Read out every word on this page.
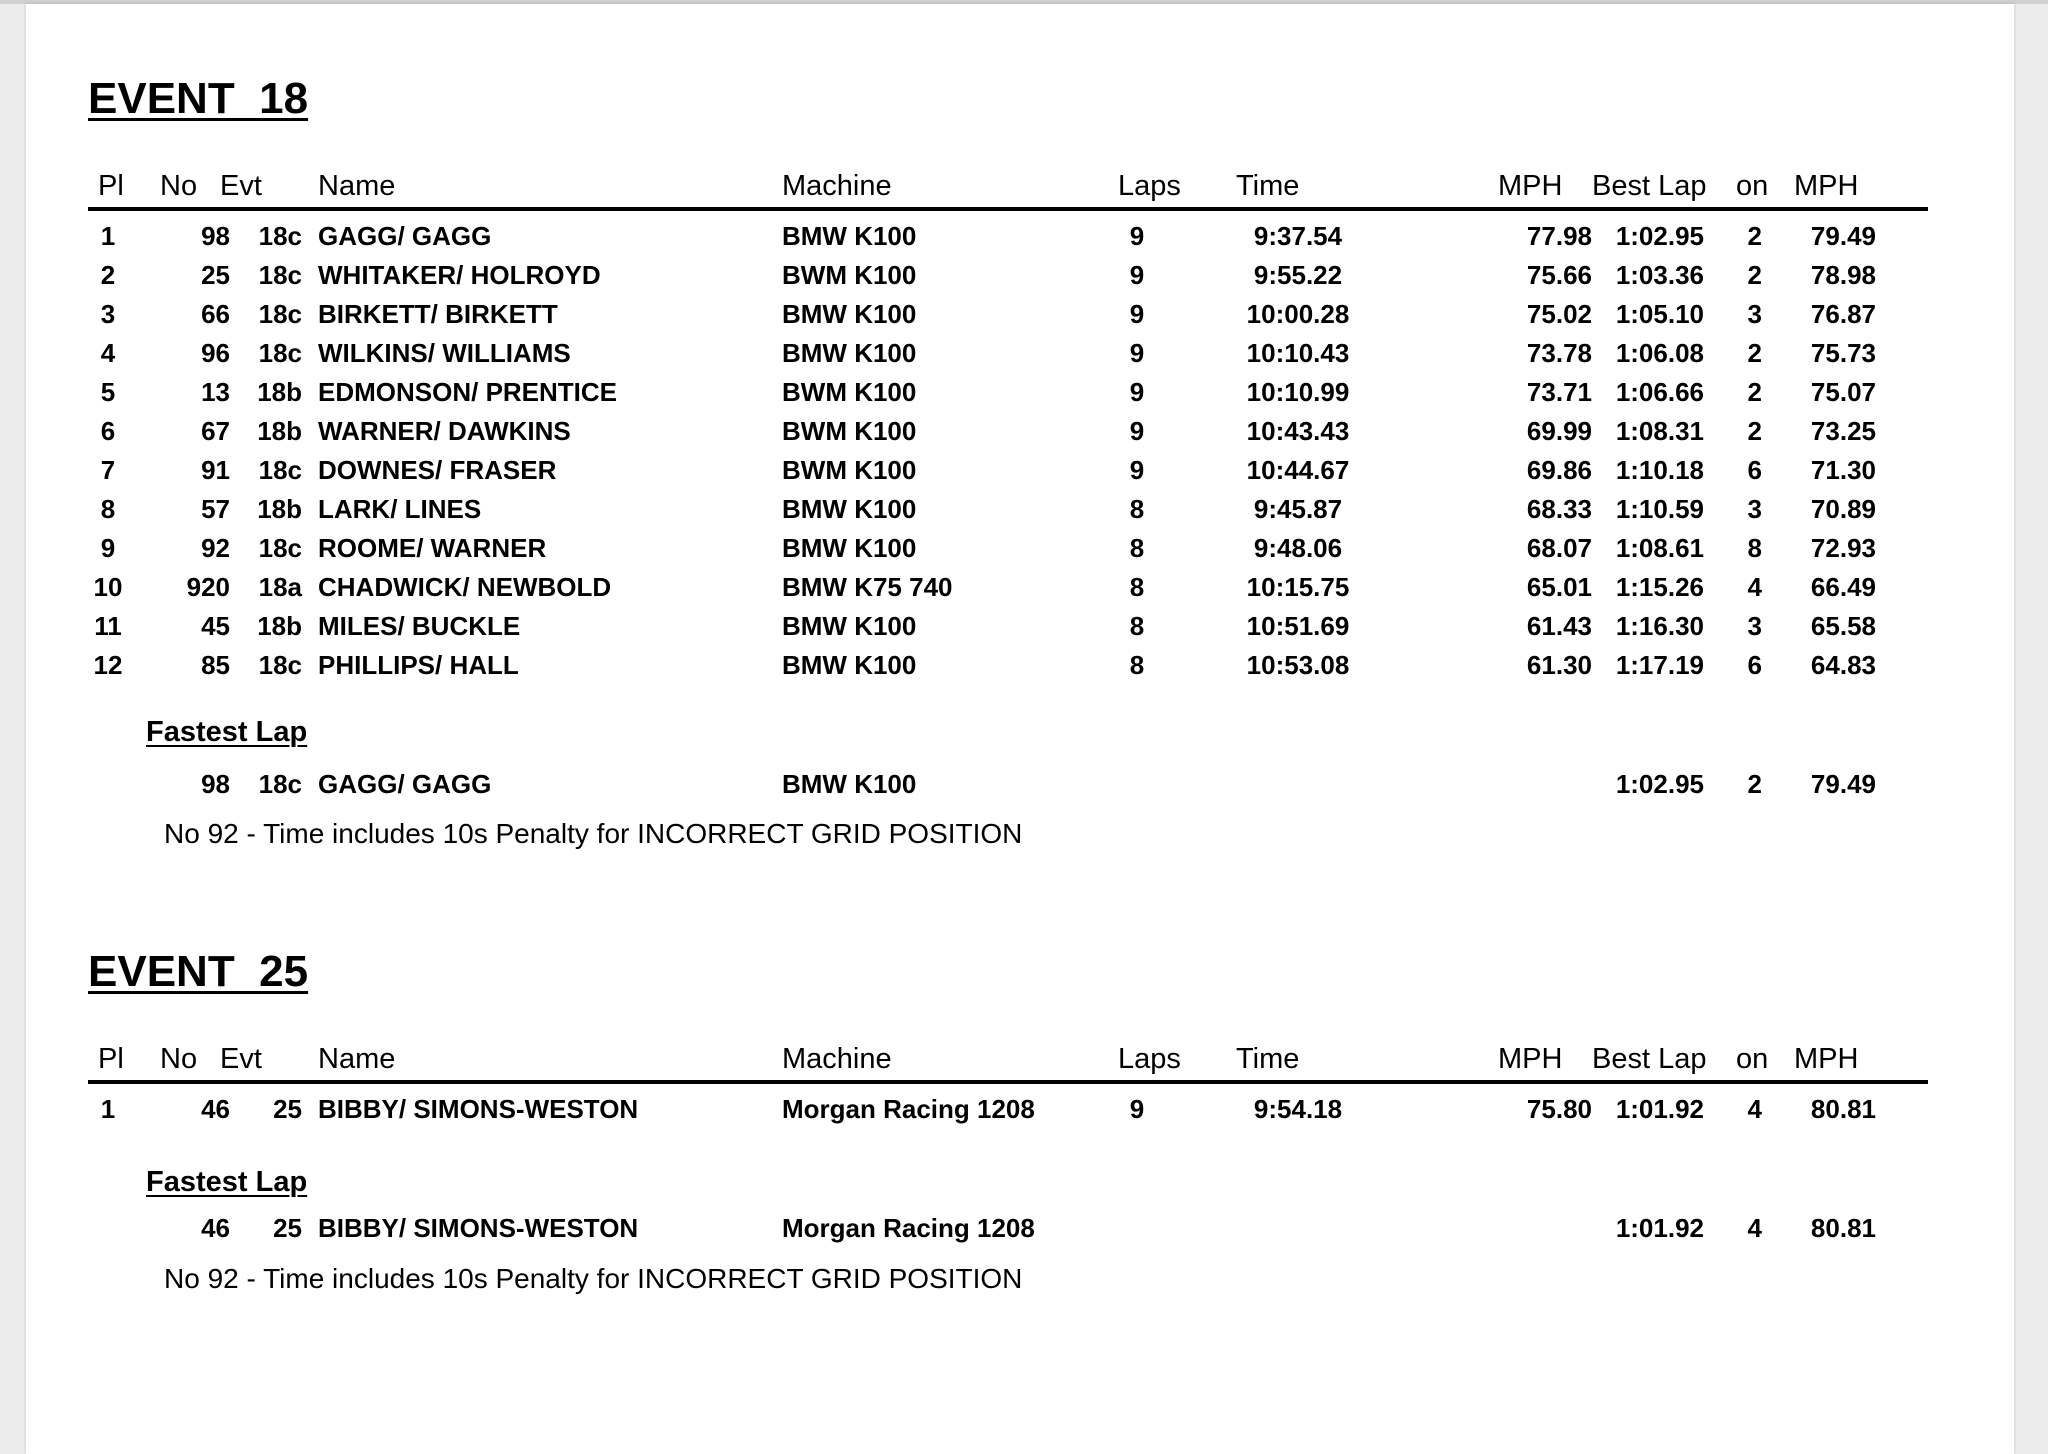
EVENT  18
Pl	No Evt	Name	Machine	Laps	Time	MPH	Best Lap	on MPH
1	98	18c GAGG/ GAGG	BMW K100	9	9:37.54	77.98 1:02.95	2	79.49
2	25	18c WHITAKER/ HOLROYD	BWM K100	9	9:55.22	75.66 1:03.36	2	78.98
3	66	18c BIRKETT/ BIRKETT	BMW K100	9	10:00.28	75.02 1:05.10	3	76.87
4	96	18c WILKINS/ WILLIAMS	BMW K100	9	10:10.43	73.78 1:06.08	2	75.73
5	13	18b EDMONSON/ PRENTICE	BWM K100	9	10:10.99	73.71 1:06.66	2	75.07
6	67	18b WARNER/ DAWKINS	BWM K100	9	10:43.43	69.99 1:08.31	2	73.25
7	91	18c DOWNES/ FRASER	BWM K100	9	10:44.67	69.86 1:10.18	6	71.30
8	57	18b LARK/ LINES	BMW K100	8	9:45.87	68.33 1:10.59	3	70.89
9	92	18c ROOME/ WARNER	BMW K100	8	9:48.06	68.07 1:08.61	8	72.93
10	920	18a CHADWICK/ NEWBOLD	BMW K75 740	8	10:15.75	65.01 1:15.26	4	66.49
11	45	18b MILES/ BUCKLE	BMW K100	8	10:51.69	61.43 1:16.30	3	65.58
12	85	18c PHILLIPS/ HALL	BMW K100	8	10:53.08	61.30 1:17.19	6	64.83
Fastest Lap
98	18c GAGG/ GAGG	BMW K100	1:02.95	2	79.49
No 92 - Time includes 10s Penalty for INCORRECT GRID POSITION
EVENT  25
Pl	No Evt	Name	Machine	Laps	Time	MPH	Best Lap	on MPH
1	46	25 BIBBY/ SIMONS-WESTON	Morgan Racing 1208	9	9:54.18	75.80 1:01.92	4	80.81
Fastest Lap
46	25 BIBBY/ SIMONS-WESTON	Morgan Racing 1208	1:01.92	4	80.81
No 92 - Time includes 10s Penalty for INCORRECT GRID POSITION
